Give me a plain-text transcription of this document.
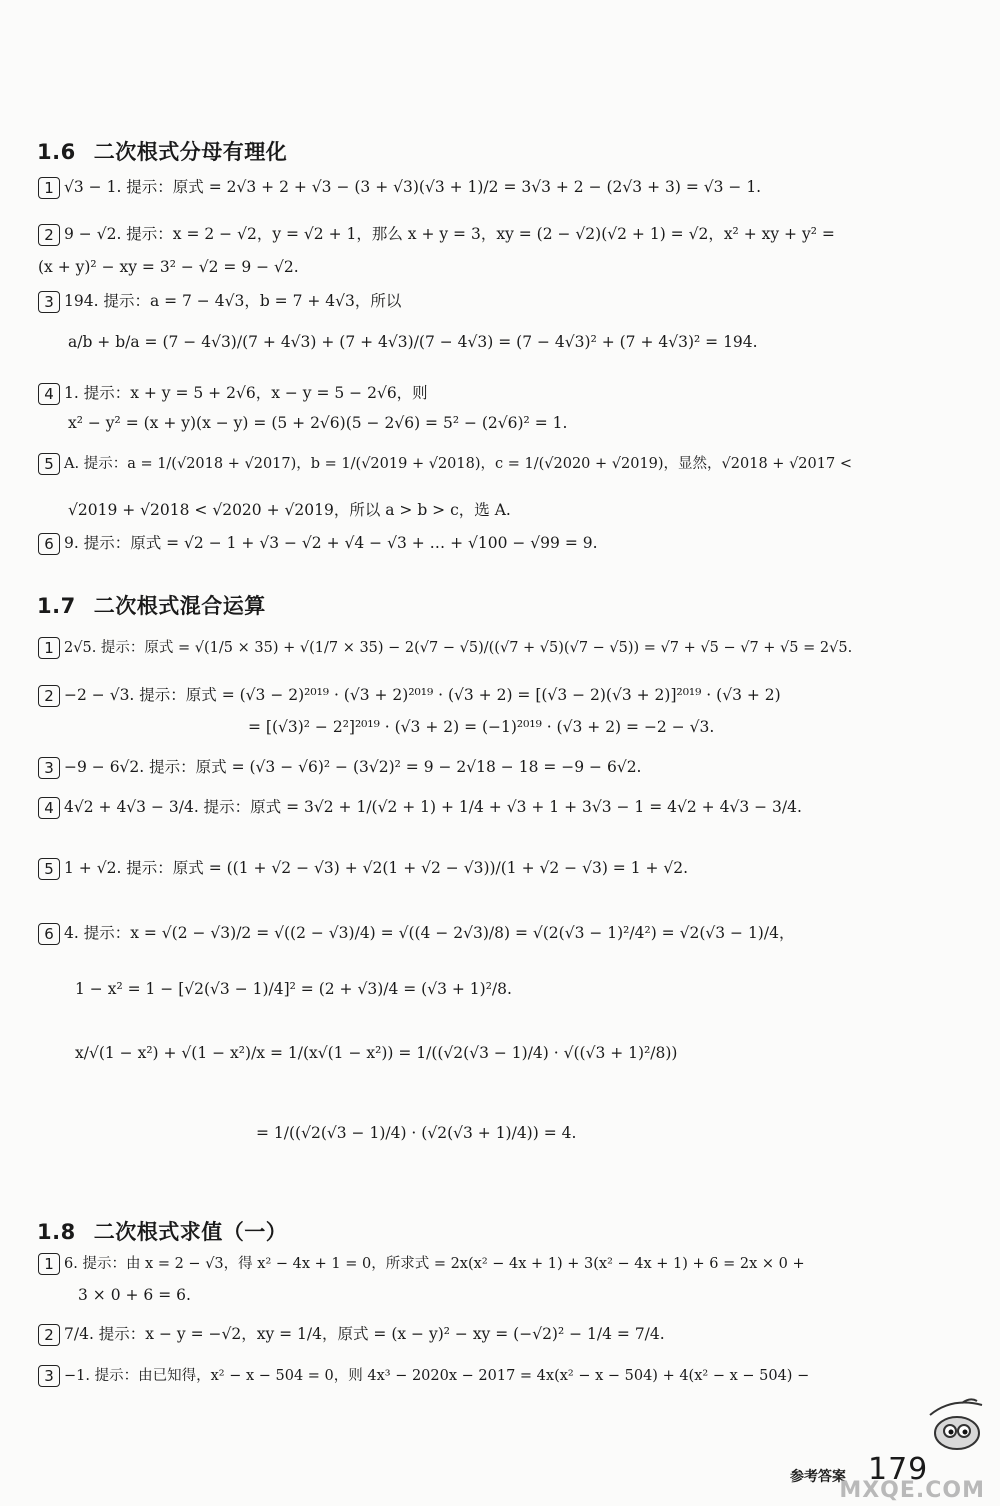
1.6 二次根式分母有理化
1 √3 − 1. 提示：原式 = 2√3 + 2 + √3 − (3 + √3)(√3 + 1)/2 = 3√3 + 2 − (2√3 + 3) = √3 − 1.
2 9 − √2. 提示：x = 2 − √2，y = √2 + 1，那么 x + y = 3，xy = (2 − √2)(√2 + 1) = √2，x² + xy + y² =
(x + y)² − xy = 3² − √2 = 9 − √2.
3 194. 提示：a = 7 − 4√3，b = 7 + 4√3，所以
a/b + b/a = (7 − 4√3)/(7 + 4√3) + (7 + 4√3)/(7 − 4√3) = (7 − 4√3)² + (7 + 4√3)² = 194.
4 1. 提示：x + y = 5 + 2√6，x − y = 5 − 2√6，则
x² − y² = (x + y)(x − y) = (5 + 2√6)(5 − 2√6) = 5² − (2√6)² = 1.
5 A. 提示：a = 1/(√2018 + √2017)，b = 1/(√2019 + √2018)，c = 1/(√2020 + √2019)，显然，√2018 + √2017 <
√2019 + √2018 < √2020 + √2019，所以 a > b > c，选 A.
6 9. 提示：原式 = √2 − 1 + √3 − √2 + √4 − √3 + … + √100 − √99 = 9.
1.7 二次根式混合运算
1 2√5. 提示：原式 = √(1/5 × 35) + √(1/7 × 35) − 2(√7 − √5)/((√7 + √5)(√7 − √5)) = √7 + √5 − √7 + √5 = 2√5.
2 −2 − √3. 提示：原式 = (√3 − 2)²⁰¹⁹ · (√3 + 2)²⁰¹⁹ · (√3 + 2) = [(√3 − 2)(√3 + 2)]²⁰¹⁹ · (√3 + 2)
= [(√3)² − 2²]²⁰¹⁹ · (√3 + 2) = (−1)²⁰¹⁹ · (√3 + 2) = −2 − √3.
3 −9 − 6√2. 提示：原式 = (√3 − √6)² − (3√2)² = 9 − 2√18 − 18 = −9 − 6√2.
4 4√2 + 4√3 − 3/4. 提示：原式 = 3√2 + 1/(√2 + 1) + 1/4 + √3 + 1 + 3√3 − 1 = 4√2 + 4√3 − 3/4.
5 1 + √2. 提示：原式 = ((1 + √2 − √3) + √2(1 + √2 − √3))/(1 + √2 − √3) = 1 + √2.
6 4. 提示：x = √(2 − √3)/2 = √((2 − √3)/4) = √((4 − 2√3)/8) = √(2(√3 − 1)²/4²) = √2(√3 − 1)/4，
1 − x² = 1 − [√2(√3 − 1)/4]² = (2 + √3)/4 = (√3 + 1)²/8.
x/√(1 − x²) + √(1 − x²)/x = 1/(x√(1 − x²)) = 1/((√2(√3 − 1)/4) · √((√3 + 1)²/8))
= 1/((√2(√3 − 1)/4) · (√2(√3 + 1)/4)) = 4.
1.8 二次根式求值（一）
1 6. 提示：由 x = 2 − √3，得 x² − 4x + 1 = 0，所求式 = 2x(x² − 4x + 1) + 3(x² − 4x + 1) + 6 = 2x × 0 +
3 × 0 + 6 = 6.
2 7/4. 提示：x − y = −√2，xy = 1/4，原式 = (x − y)² − xy = (−√2)² − 1/4 = 7/4.
3 −1. 提示：由已知得，x² − x − 504 = 0，则 4x³ − 2020x − 2017 = 4x(x² − x − 504) + 4(x² − x − 504) −
参考答案 179
MXQE.COM
